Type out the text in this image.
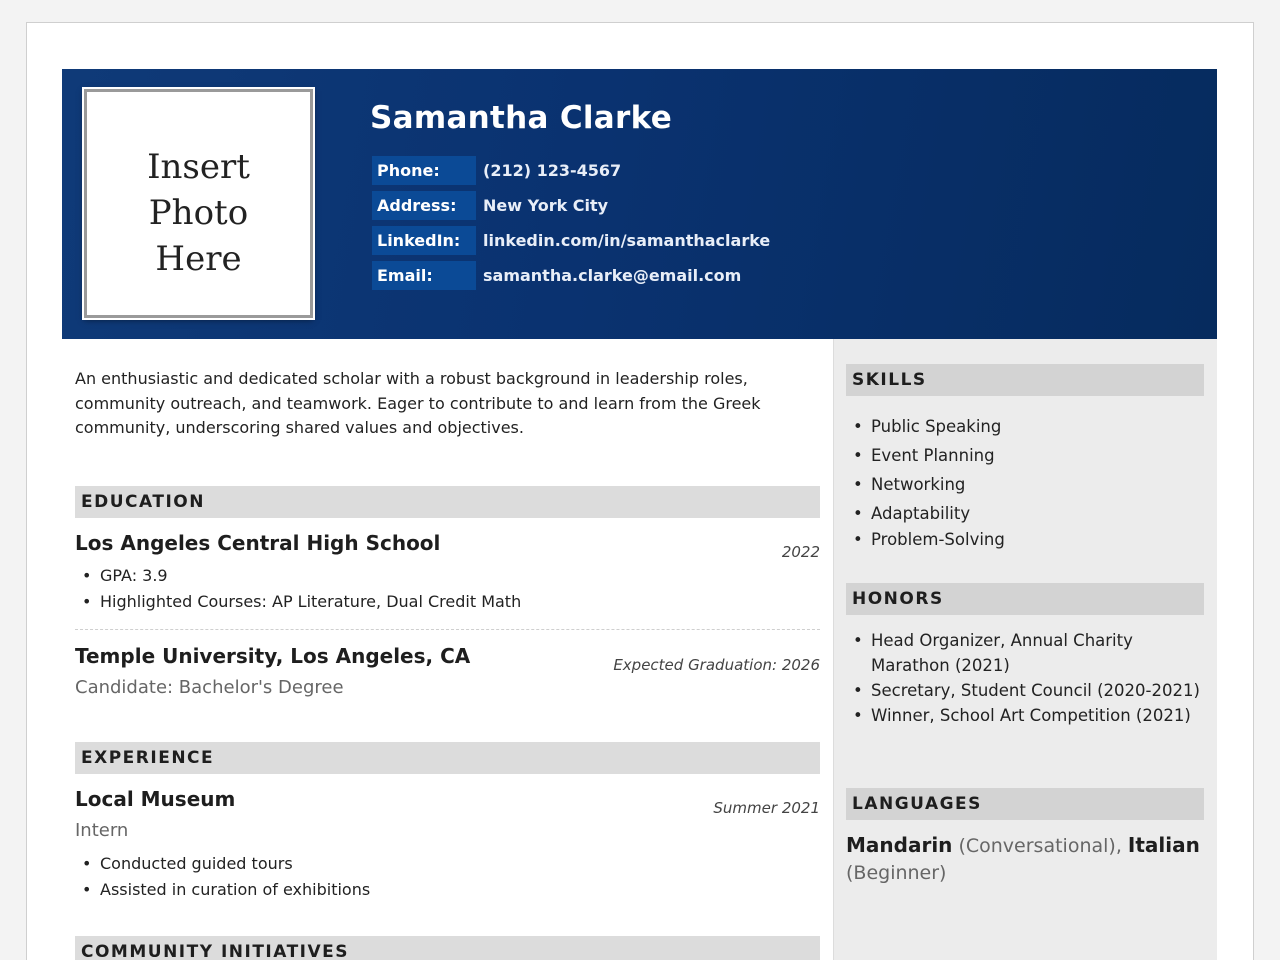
Insert
Photo
Here
Samantha Clarke
Phone:	(212) 123-4567
Address:	New York City
LinkedIn:	linkedin.com/in/samanthaclarke
Email:	samantha.clarke@email.com
An enthusiastic and dedicated scholar with a robust background in leadership roles, community outreach, and teamwork. Eager to contribute to and learn from the Greek community, underscoring shared values and objectives.
EDUCATION
Los Angeles Central High School	2022
• GPA: 3.9
• Highlighted Courses: AP Literature, Dual Credit Math
Temple University, Los Angeles, CA	Expected Graduation: 2026
Candidate: Bachelor's Degree
EXPERIENCE
Local Museum	Summer 2021
Intern
• Conducted guided tours
• Assisted in curation of exhibitions
COMMUNITY INITIATIVES
SKILLS
• Public Speaking
• Event Planning
• Networking
• Adaptability
• Problem-Solving
HONORS
• Head Organizer, Annual Charity Marathon (2021)
• Secretary, Student Council (2020-2021)
• Winner, School Art Competition (2021)
LANGUAGES
Mandarin (Conversational), Italian (Beginner)
